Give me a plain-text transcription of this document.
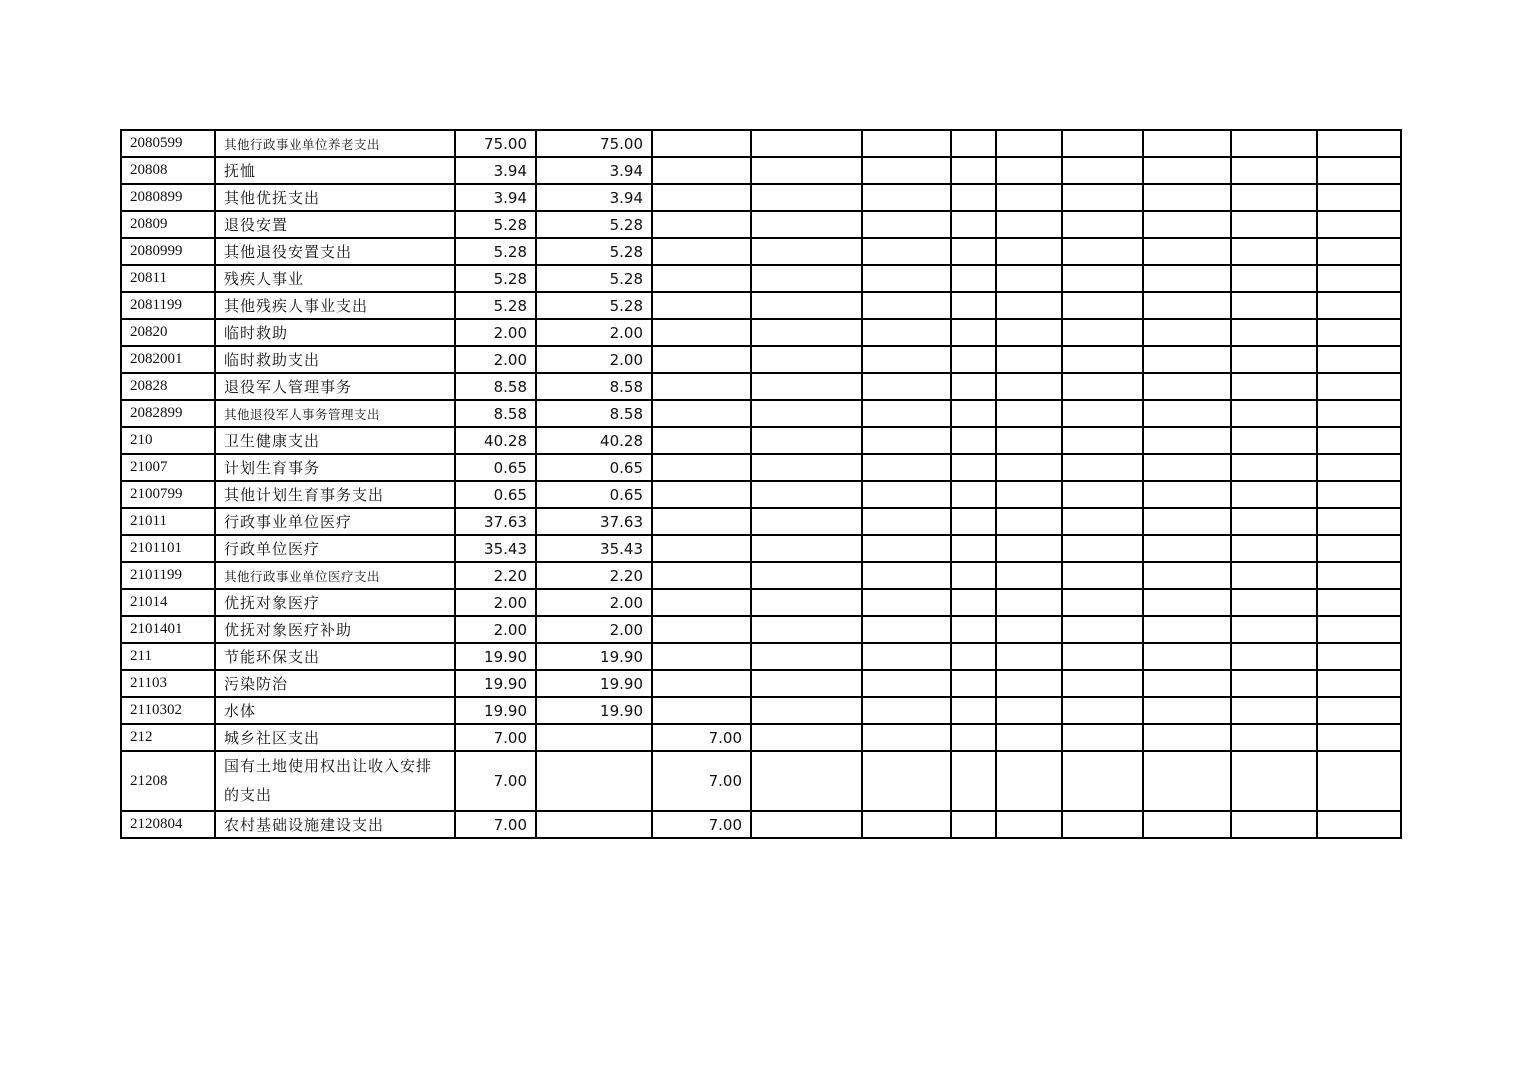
2080599	其他行政事业单位养老支出	75.00	75.00									
20808	抚恤	3.94	3.94									
2080899	其他优抚支出	3.94	3.94									
20809	退役安置	5.28	5.28									
2080999	其他退役安置支出	5.28	5.28									
20811	残疾人事业	5.28	5.28									
2081199	其他残疾人事业支出	5.28	5.28									
20820	临时救助	2.00	2.00									
2082001	临时救助支出	2.00	2.00									
20828	退役军人管理事务	8.58	8.58									
2082899	其他退役军人事务管理支出	8.58	8.58									
210	卫生健康支出	40.28	40.28									
21007	计划生育事务	0.65	0.65									
2100799	其他计划生育事务支出	0.65	0.65									
21011	行政事业单位医疗	37.63	37.63									
2101101	行政单位医疗	35.43	35.43									
2101199	其他行政事业单位医疗支出	2.20	2.20									
21014	优抚对象医疗	2.00	2.00									
2101401	优抚对象医疗补助	2.00	2.00									
211	节能环保支出	19.90	19.90									
21103	污染防治	19.90	19.90									
2110302	水体	19.90	19.90									
212	城乡社区支出	7.00		7.00								
21208	国有土地使用权出让收入安排的支出	7.00		7.00								
2120804	农村基础设施建设支出	7.00		7.00								
